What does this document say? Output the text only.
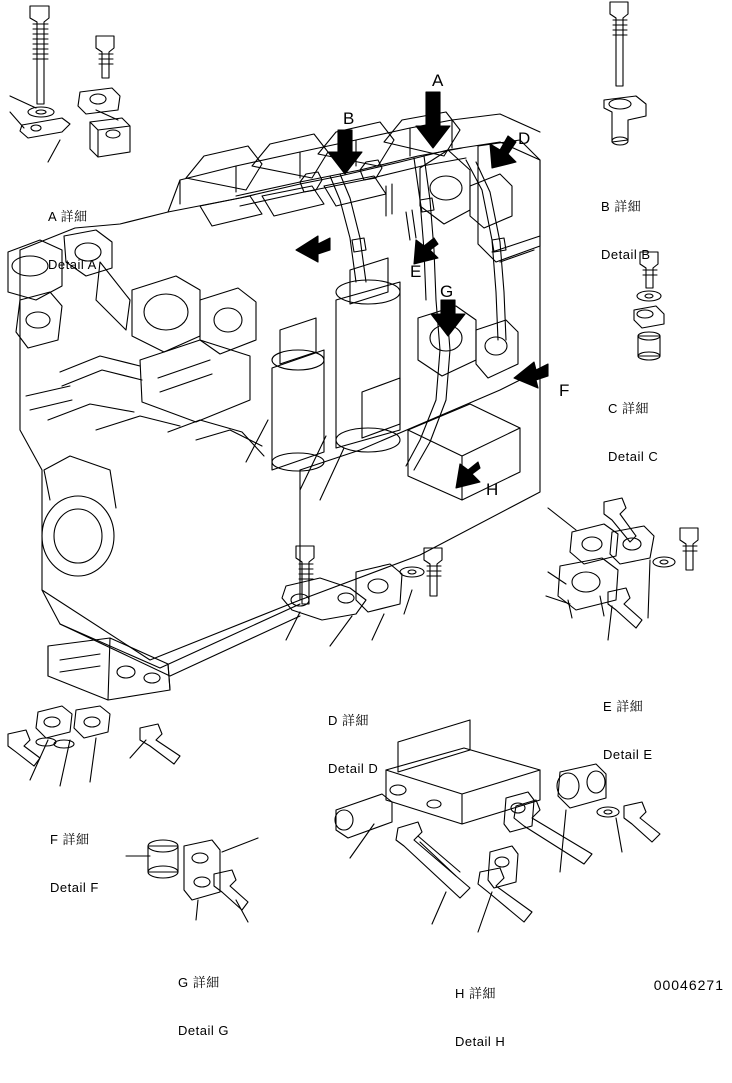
A
B
D
E
G
F
H

A 詳細

Detail A

B 詳細

Detail B

C 詳細

Detail C

E 詳細

Detail E

D 詳細

Detail D

F 詳細

Detail F

G 詳細

Detail G

H 詳細

Detail H

00046271
